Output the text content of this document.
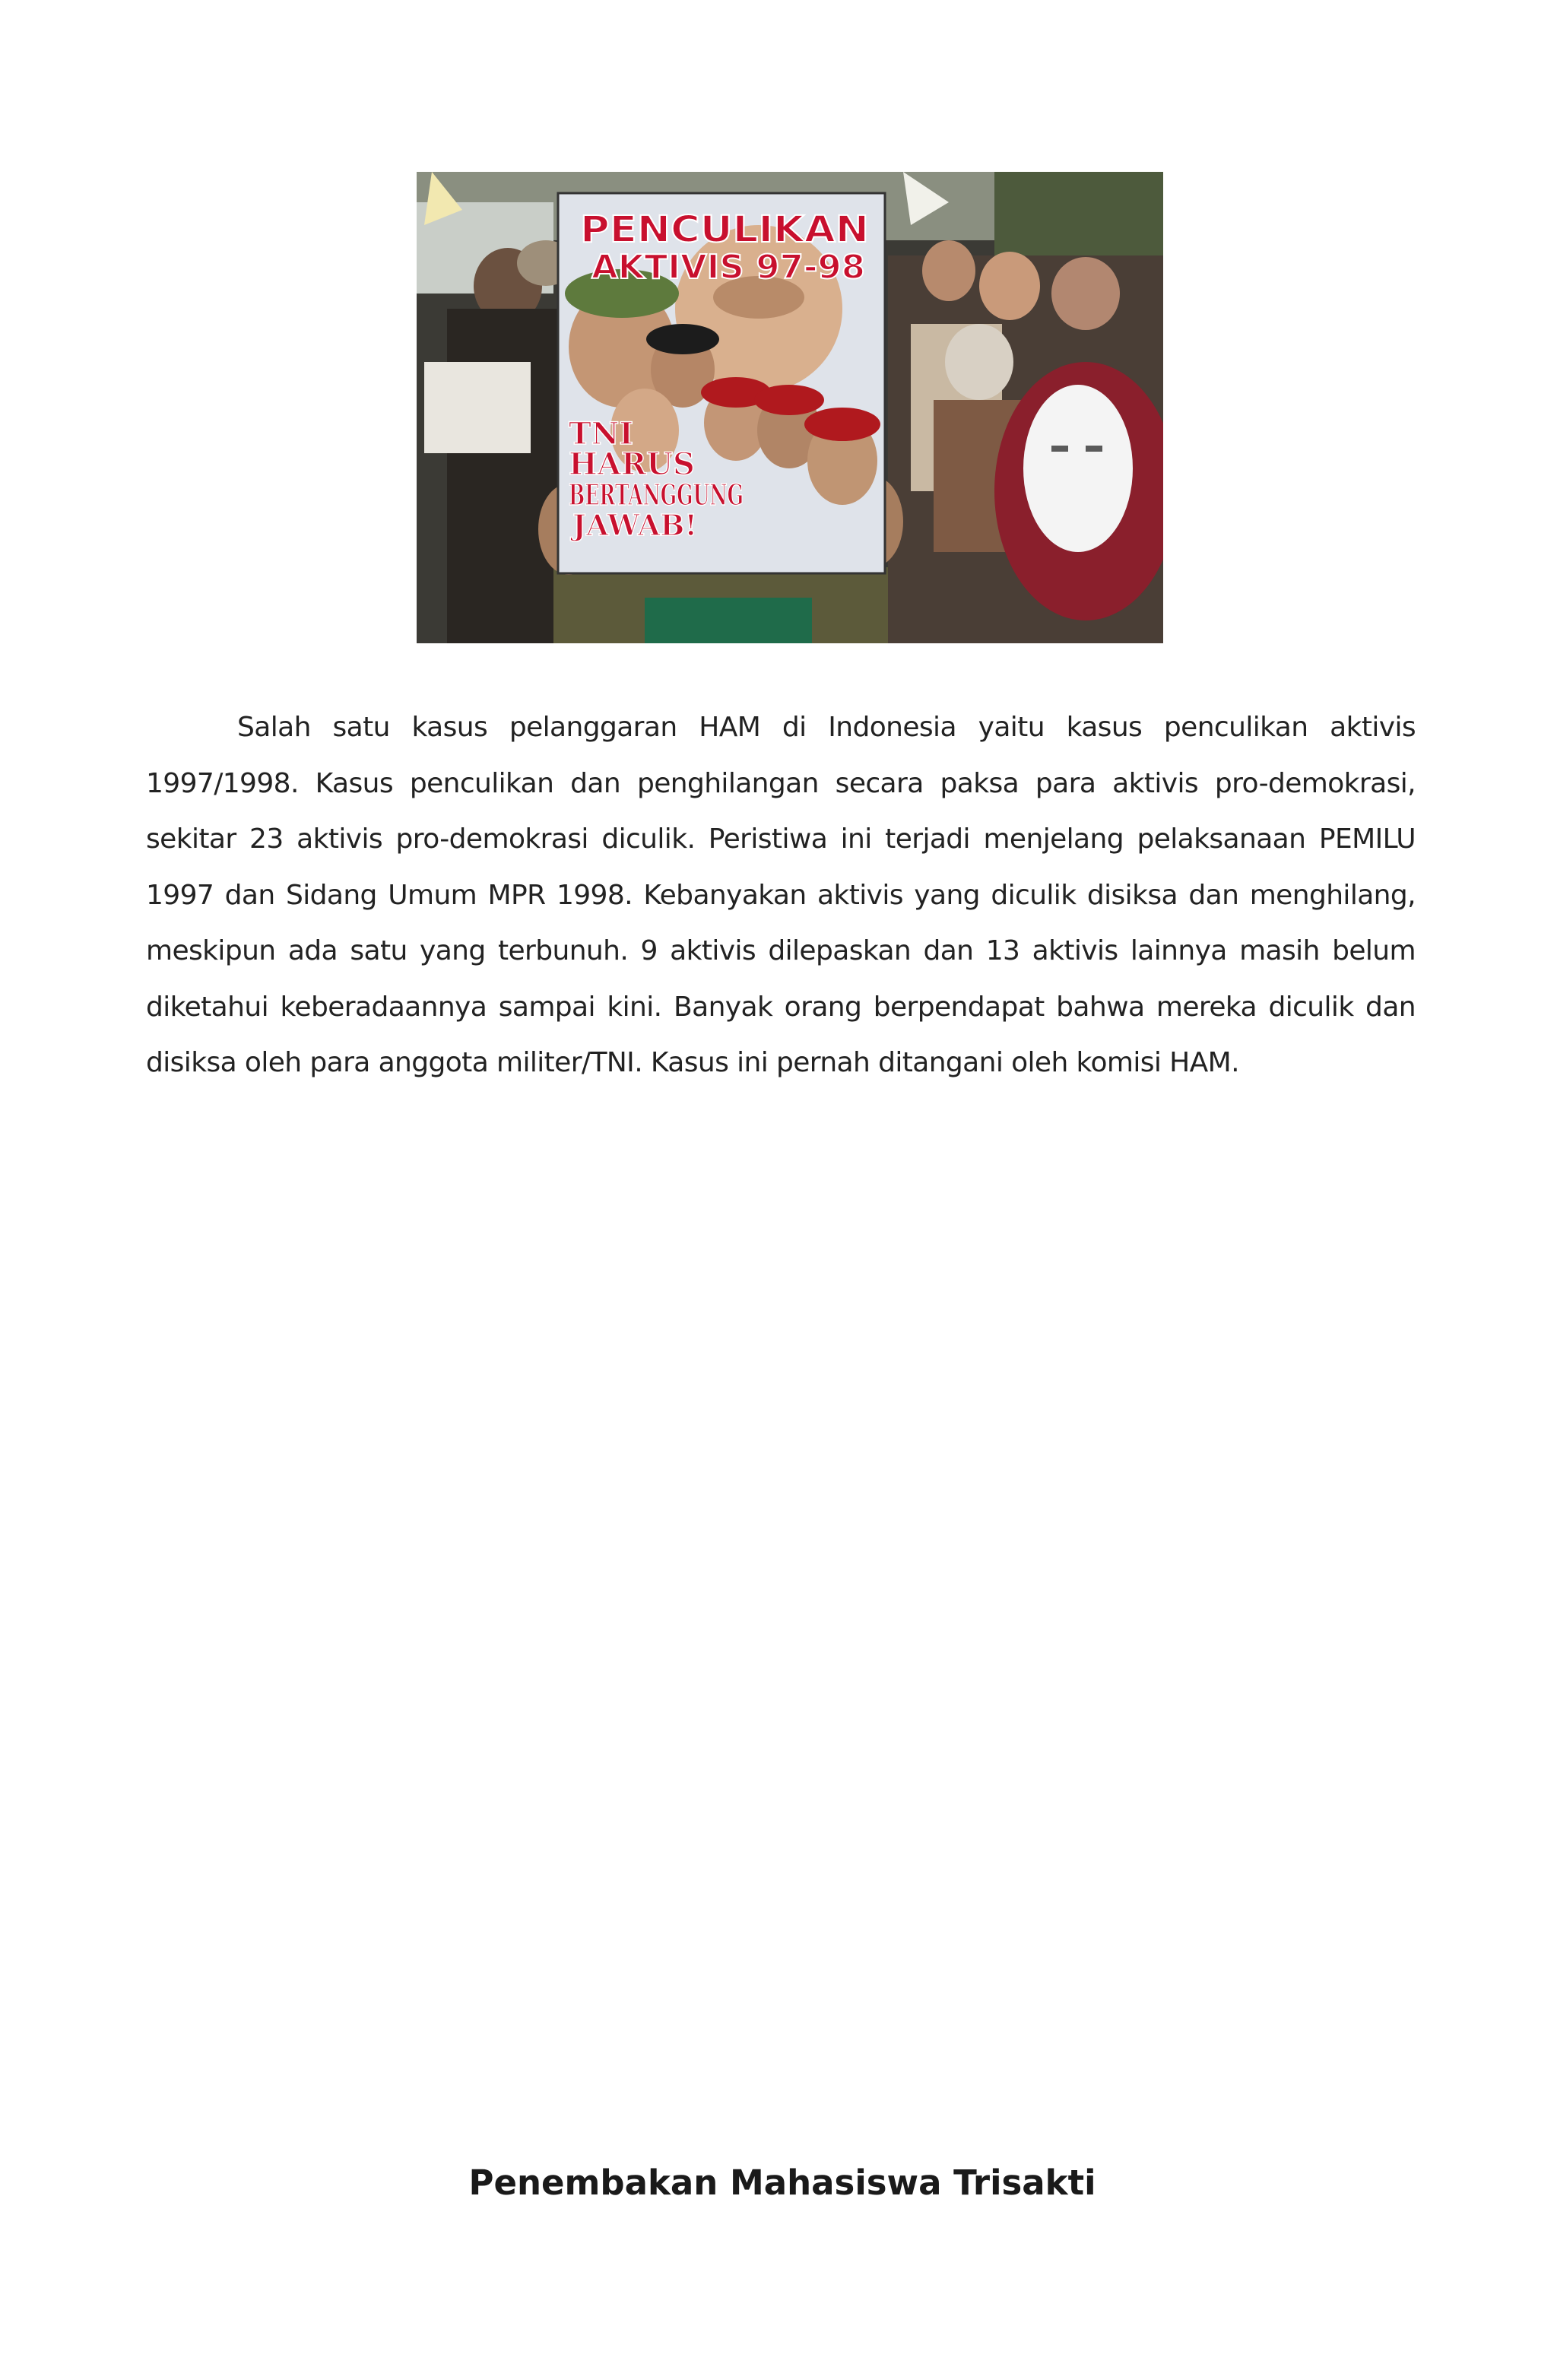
PENCULIKAN
AKTIVIS 97-98
TNI
HARUS
BERTANGGUNG
JAWAB!

Salah satu kasus pelanggaran HAM di Indonesia yaitu kasus penculikan aktivis 1997/1998. Kasus penculikan dan penghilangan secara paksa para aktivis pro-demokrasi, sekitar 23 aktivis pro-demokrasi diculik. Peristiwa ini terjadi menjelang pelaksanaan PEMILU 1997 dan Sidang Umum MPR 1998. Kebanyakan aktivis yang diculik disiksa dan menghilang, meskipun ada satu yang terbunuh. 9 aktivis dilepaskan dan 13 aktivis lainnya masih belum diketahui keberadaannya sampai kini. Banyak orang berpendapat bahwa mereka diculik dan disiksa oleh para anggota militer/TNI. Kasus ini pernah ditangani oleh komisi HAM.

Penembakan Mahasiswa Trisakti
